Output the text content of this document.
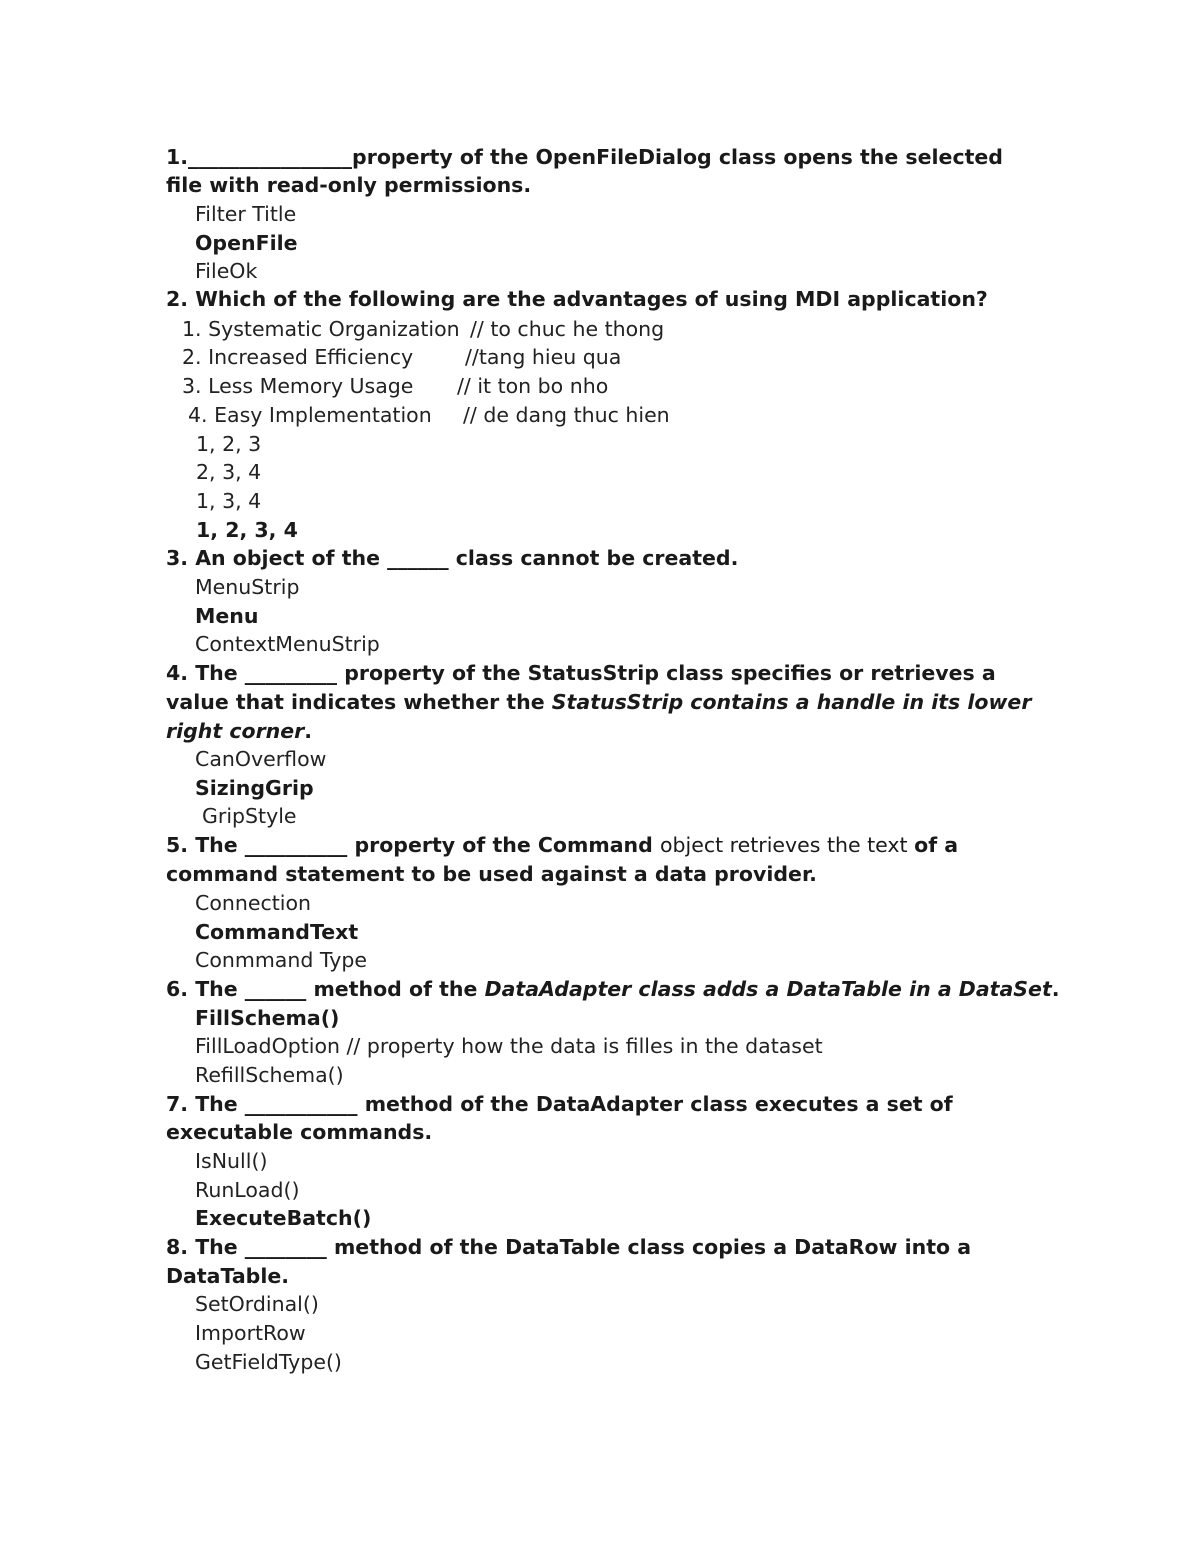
1.________________property of the OpenFileDialog class opens the selected
file with read-only permissions.
Filter Title
OpenFile
FileOk
2. Which of the following are the advantages of using MDI application?
1. Systematic Organization // to chuc he thong
2. Increased Efficiency	//tang hieu qua
3. Less Memory Usage // it ton bo nho
4. Easy Implementation // de dang thuc hien
1, 2, 3
2, 3, 4
1, 3, 4
1, 2, 3, 4
3. An object of the ______ class cannot be created.
MenuStrip
Menu
ContextMenuStrip
4. The _________ property of the StatusStrip class specifies or retrieves a
value that indicates whether the StatusStrip contains a handle in its lower
right corner.
CanOverflow
SizingGrip
GripStyle
5. The __________ property of the Command object retrieves the text of a
command statement to be used against a data provider.
Connection
CommandText
Conmmand Type
6. The ______ method of the DataAdapter class adds a DataTable in a DataSet.
FillSchema()
FillLoadOption // property how the data is filles in the dataset
RefillSchema()
7. The ___________ method of the DataAdapter class executes a set of
executable commands.
IsNull()
RunLoad()
ExecuteBatch()
8. The ________ method of the DataTable class copies a DataRow into a
DataTable.
SetOrdinal()
ImportRow
GetFieldType()
